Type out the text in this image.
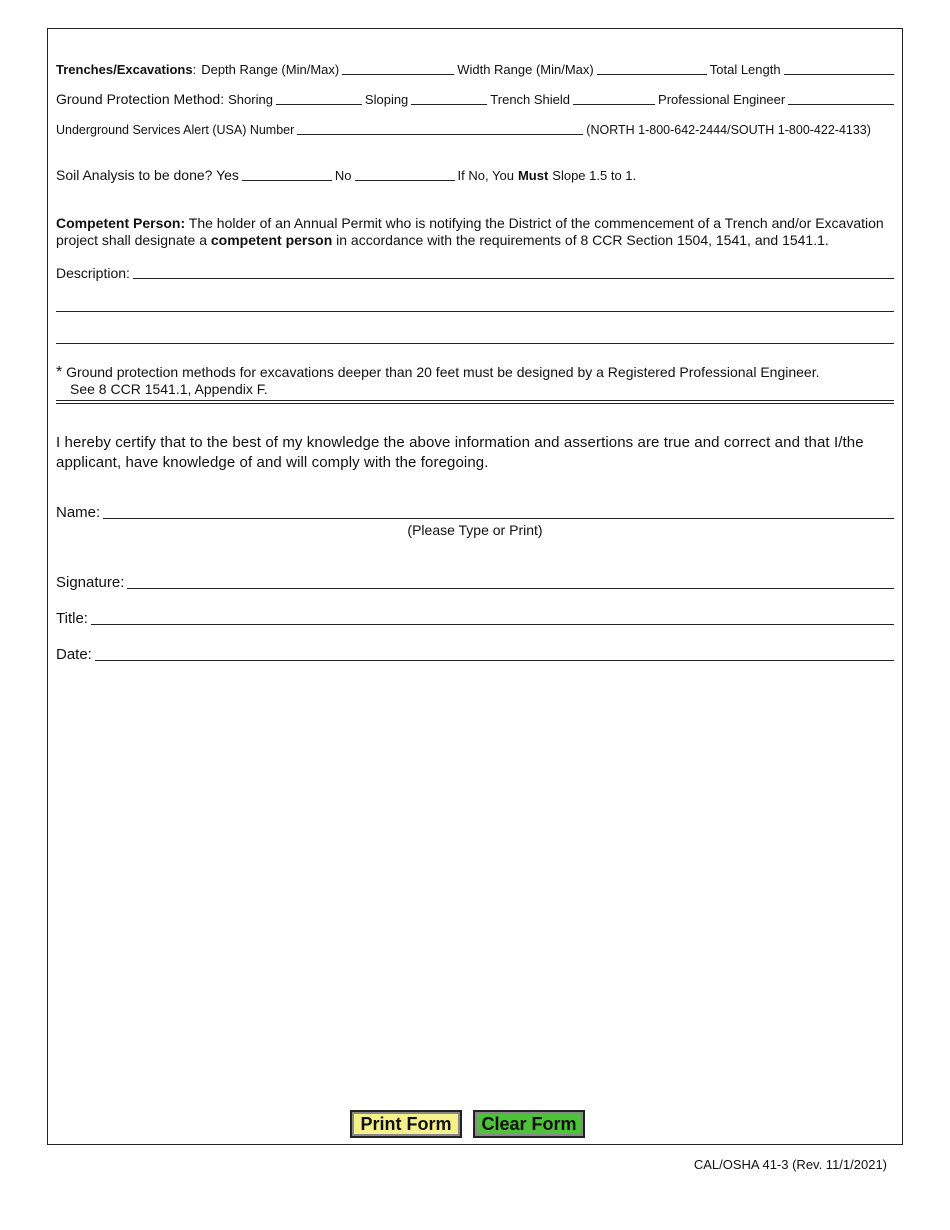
Trenches/Excavations : Depth Range (Min/Max)	Width Range (Min/Max)	Total Length
Ground Protection Method: Shoring	Sloping	Trench Shield	Professional Engineer
Underground Services Alert (USA) Number	(NORTH 1-800-642-2444/SOUTH 1-800-422-4133)
Soil Analysis to be done? Yes	No	If No, You Must Slope 1.5 to 1.
Competent Person: The holder of an Annual Permit who is notifying the District of the commencement of a Trench and/or Excavation project shall designate a competent person in accordance with the requirements of 8 CCR Section 1504, 1541, and 1541.1.
Description:
* Ground protection methods for excavations deeper than 20 feet must be designed by a Registered Professional Engineer.
See 8 CCR 1541.1, Appendix F.
I hereby certify that to the best of my knowledge the above information and assertions are true and correct and that I/the applicant, have knowledge of and will comply with the foregoing.
Name:
(Please Type or Print)
Signature:
Title:
Date:
Print Form	Clear Form
CAL/OSHA 41-3 (Rev. 11/1/2021)
